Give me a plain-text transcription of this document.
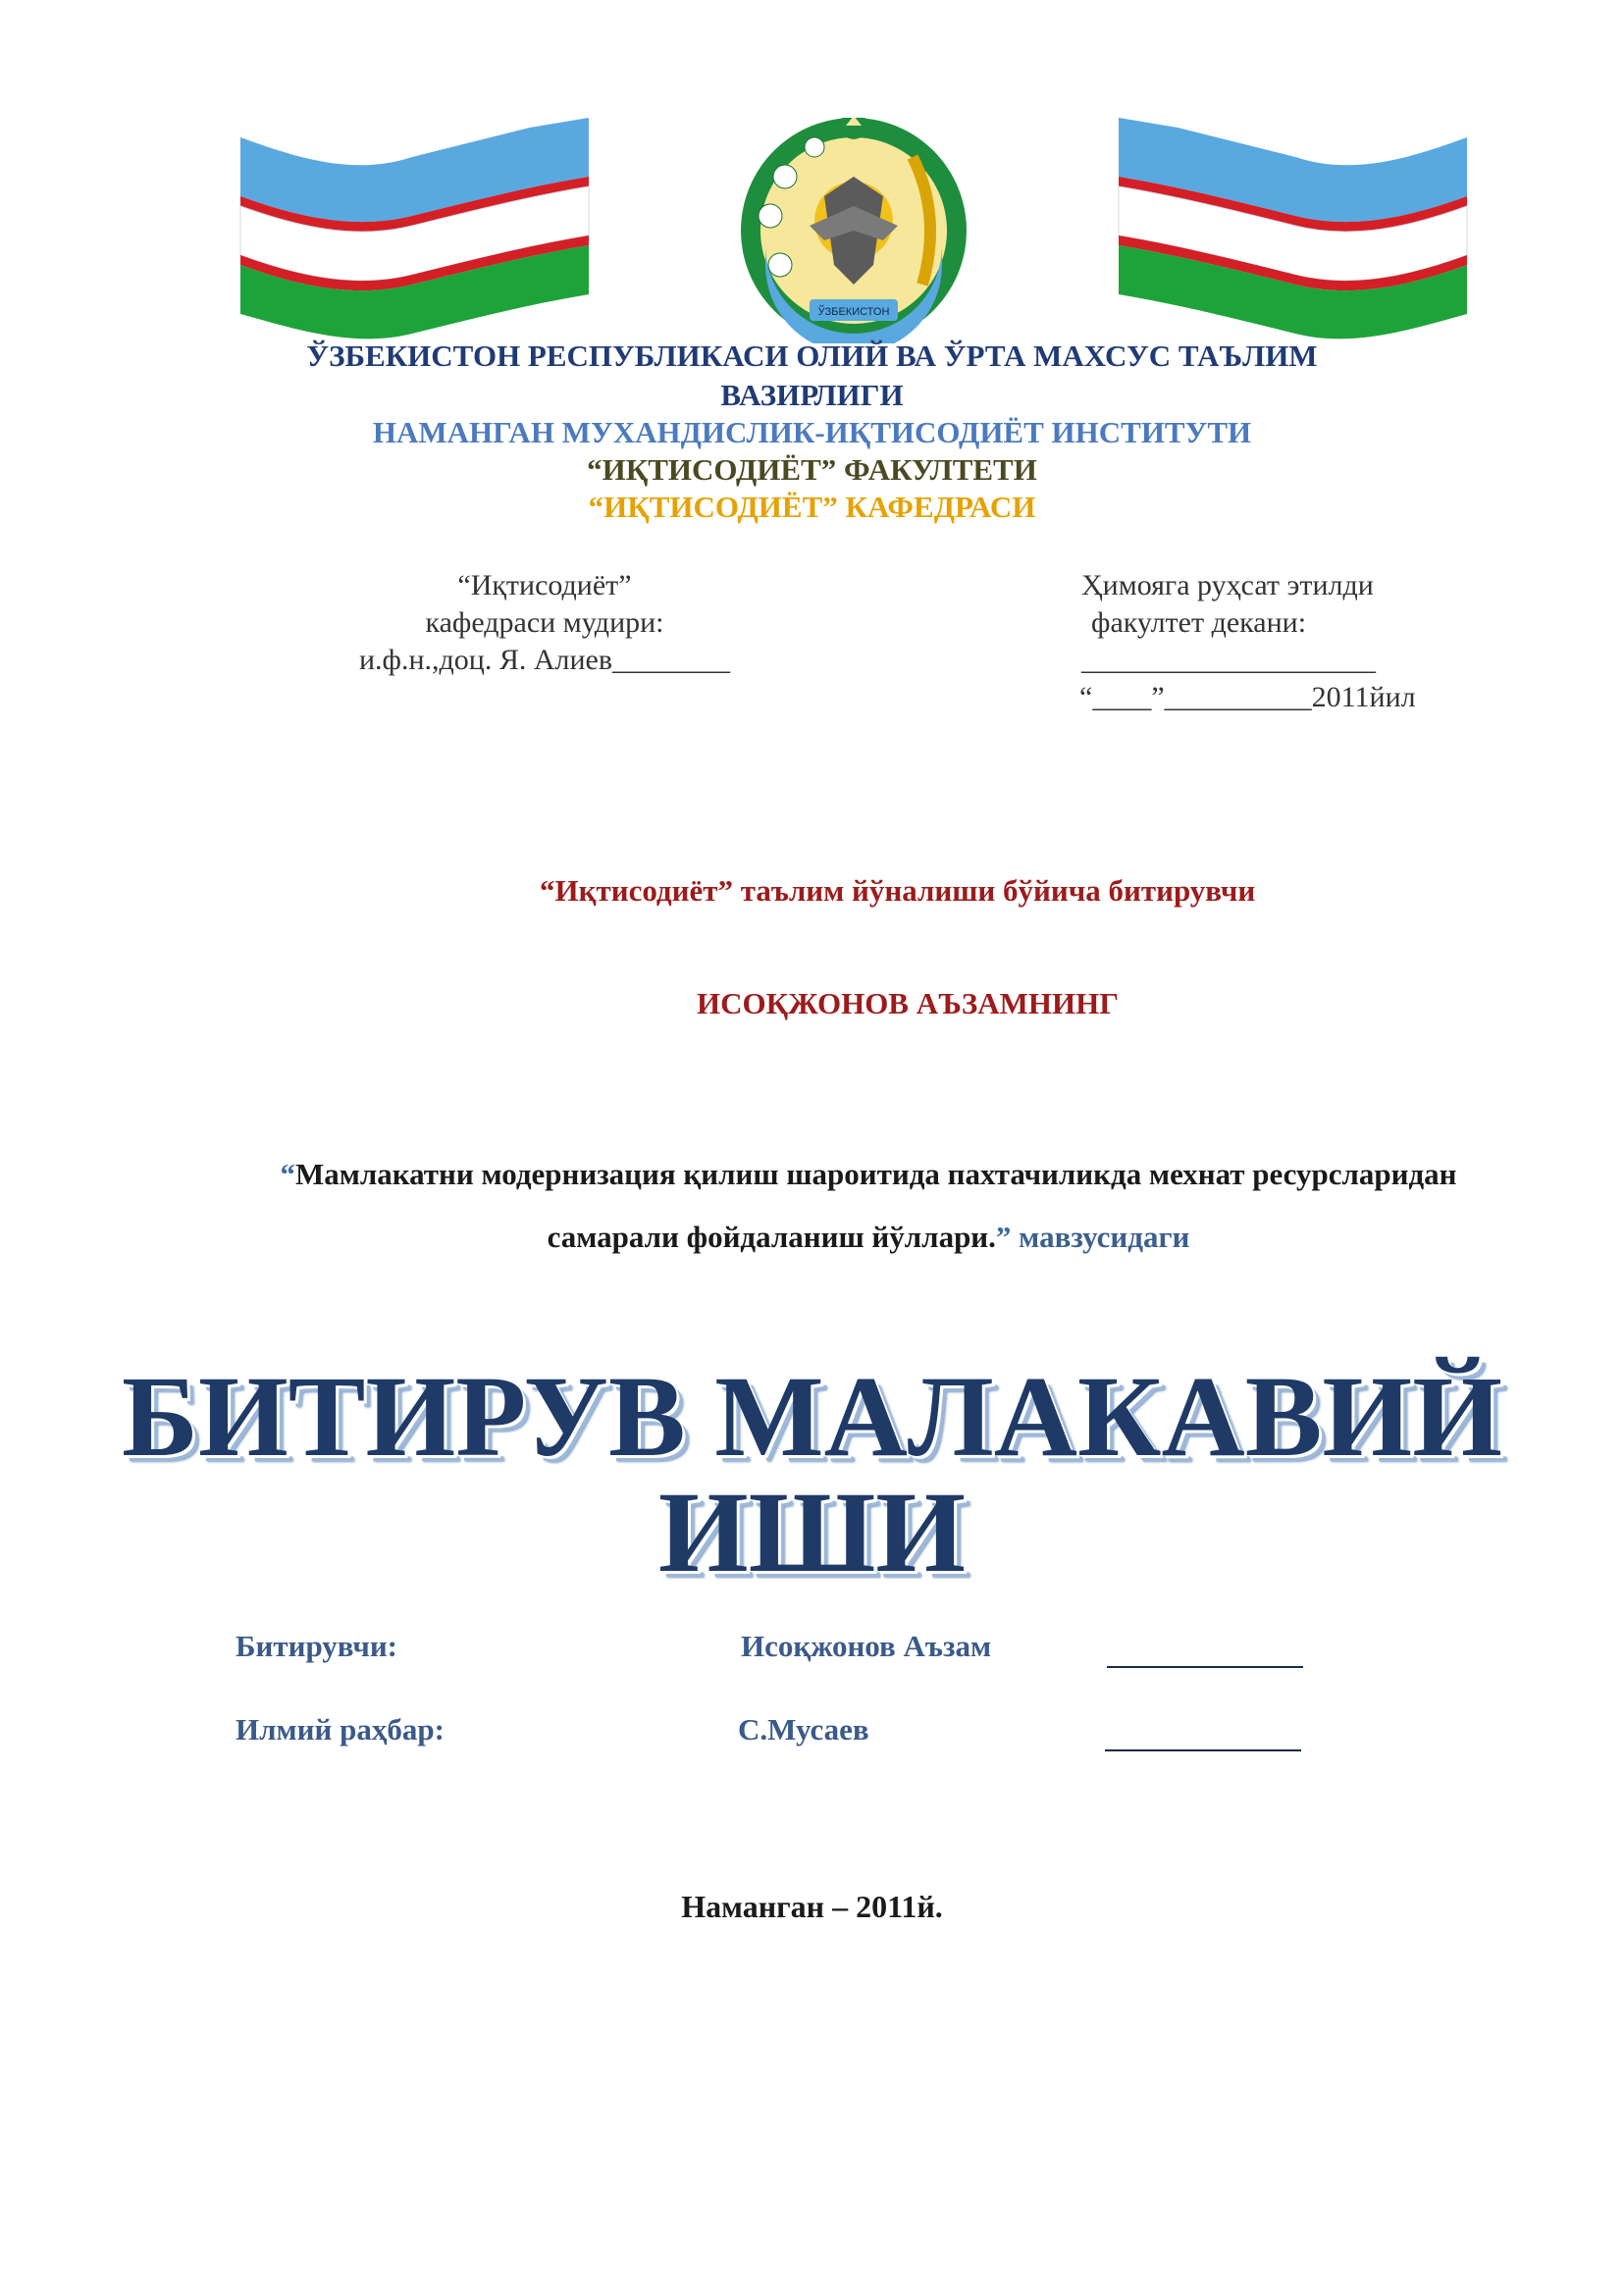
ЎЗБЕКИСТОН
ЎЗБЕКИСТОН РЕСПУБЛИКАСИ ОЛИЙ ВА ЎРТА МАХСУС ТАЪЛИМ
ВАЗИРЛИГИ
НАМАНГАН МУХАНДИСЛИК-ИҚТИСОДИЁТ ИНСТИТУТИ
“ИҚТИСОДИЁТ” ФАКУЛТЕТИ
“ИҚТИСОДИЁТ” КАФЕДРАСИ
“Иқтисодиёт”
кафедраси мудири:
и.ф.н.,доц. Я. Алиев________
Ҳимояга руҳсат этилди
факултет декани:
____________________
“____”__________2011йил
“Иқтисодиёт” таълим йўналиши бўйича битирувчи
ИСОҚЖОНОВ АЪЗАМНИНГ
“Мамлакатни модернизация қилиш шароитида пахтачиликда мехнат ресурсларидан
самарали фойдаланиш йўллари.” мавзусидаги
БИТИРУВ МАЛАКАВИЙ
ИШИ
Битирувчи:	Исоқжонов Аъзам
Илмий раҳбар:	С.Мусаев
Наманган – 2011й.
